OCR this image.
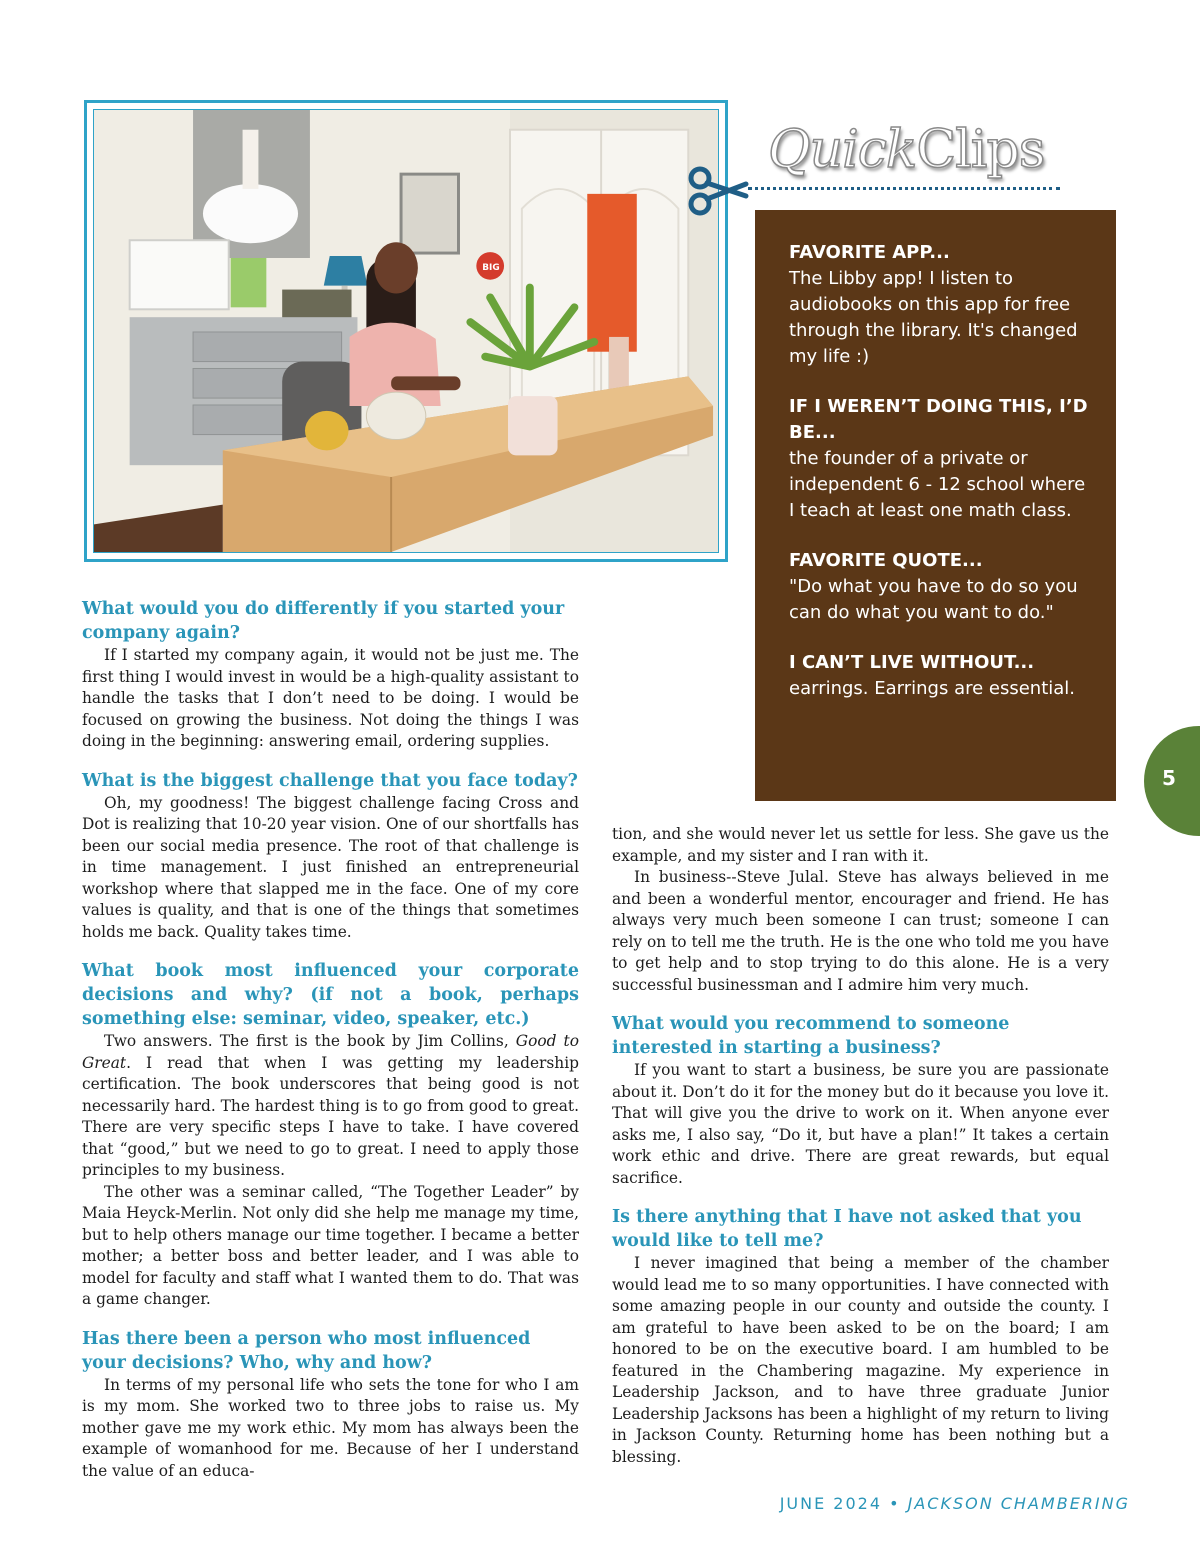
BIG
QuickClips
FAVORITE APP...
The Libby app! I listen to audiobooks on this app for free through the library. It's changed my life :)
IF I WEREN’T DOING THIS, I’D BE...
the founder of a private or independent 6 - 12 school where I teach at least one math class.
FAVORITE QUOTE...
"Do what you have to do so you can do what you want to do."
I CAN’T LIVE WITHOUT...
earrings. Earrings are essential.
What would you do differently if you started your company again?

If I started my company again, it would not be just me. The first thing I would invest in would be a high-quality assistant to handle the tasks that I don’t need to be doing. I would be focused on growing the business. Not doing the things I was doing in the beginning: answering email, ordering supplies.

What is the biggest challenge that you face today?

Oh, my goodness! The biggest challenge facing Cross and Dot is realizing that 10-20 year vision. One of our shortfalls has been our social media presence. The root of that challenge is in time management. I just finished an entrepreneurial workshop where that slapped me in the face. One of my core values is quality, and that is one of the things that sometimes holds me back. Quality takes time.

What book most influenced your corporate decisions and why? (if not a book, perhaps something else: seminar, video, speaker, etc.)

Two answers. The first is the book by Jim Collins, Good to Great. I read that when I was getting my leadership certification. The book underscores that being good is not necessarily hard. The hardest thing is to go from good to great. There are very specific steps I have to take. I have covered that “good,” but we need to go to great. I need to apply those principles to my business.

The other was a seminar called, “The Together Leader” by Maia Heyck-Merlin. Not only did she help me manage my time, but to help others manage our time together. I became a better mother; a better boss and better leader, and I was able to model for faculty and staff what I wanted them to do. That was a game changer.

Has there been a person who most influenced your decisions? Who, why and how?

In terms of my personal life who sets the tone for who I am is my mom. She worked two to three jobs to raise us. My mother gave me my work ethic. My mom has always been the example of womanhood for me. Because of her I understand the value of an educa-

tion, and she would never let us settle for less. She gave us the example, and my sister and I ran with it.

In business--Steve Julal. Steve has always believed in me and been a wonderful mentor, encourager and friend. He has always very much been someone I can trust; someone I can rely on to tell me the truth. He is the one who told me you have to get help and to stop trying to do this alone. He is a very successful businessman and I admire him very much.

What would you recommend to someone interested in starting a business?

If you want to start a business, be sure you are passionate about it. Don’t do it for the money but do it because you love it. That will give you the drive to work on it. When anyone ever asks me, I also say, “Do it, but have a plan!” It takes a certain work ethic and drive. There are great rewards, but equal sacrifice.

Is there anything that I have not asked that you would like to tell me?

I never imagined that being a member of the chamber would lead me to so many opportunities. I have connected with some amazing people in our county and outside the county. I am grateful to have been asked to be on the board; I am honored to be on the executive board. I am humbled to be featured in the Chambering magazine. My experience in Leadership Jackson, and to have three graduate Junior Leadership Jacksons has been a highlight of my return to living in Jackson County. Returning home has been nothing but a blessing.

5
JUNE 2024 • JACKSON CHAMBERING
